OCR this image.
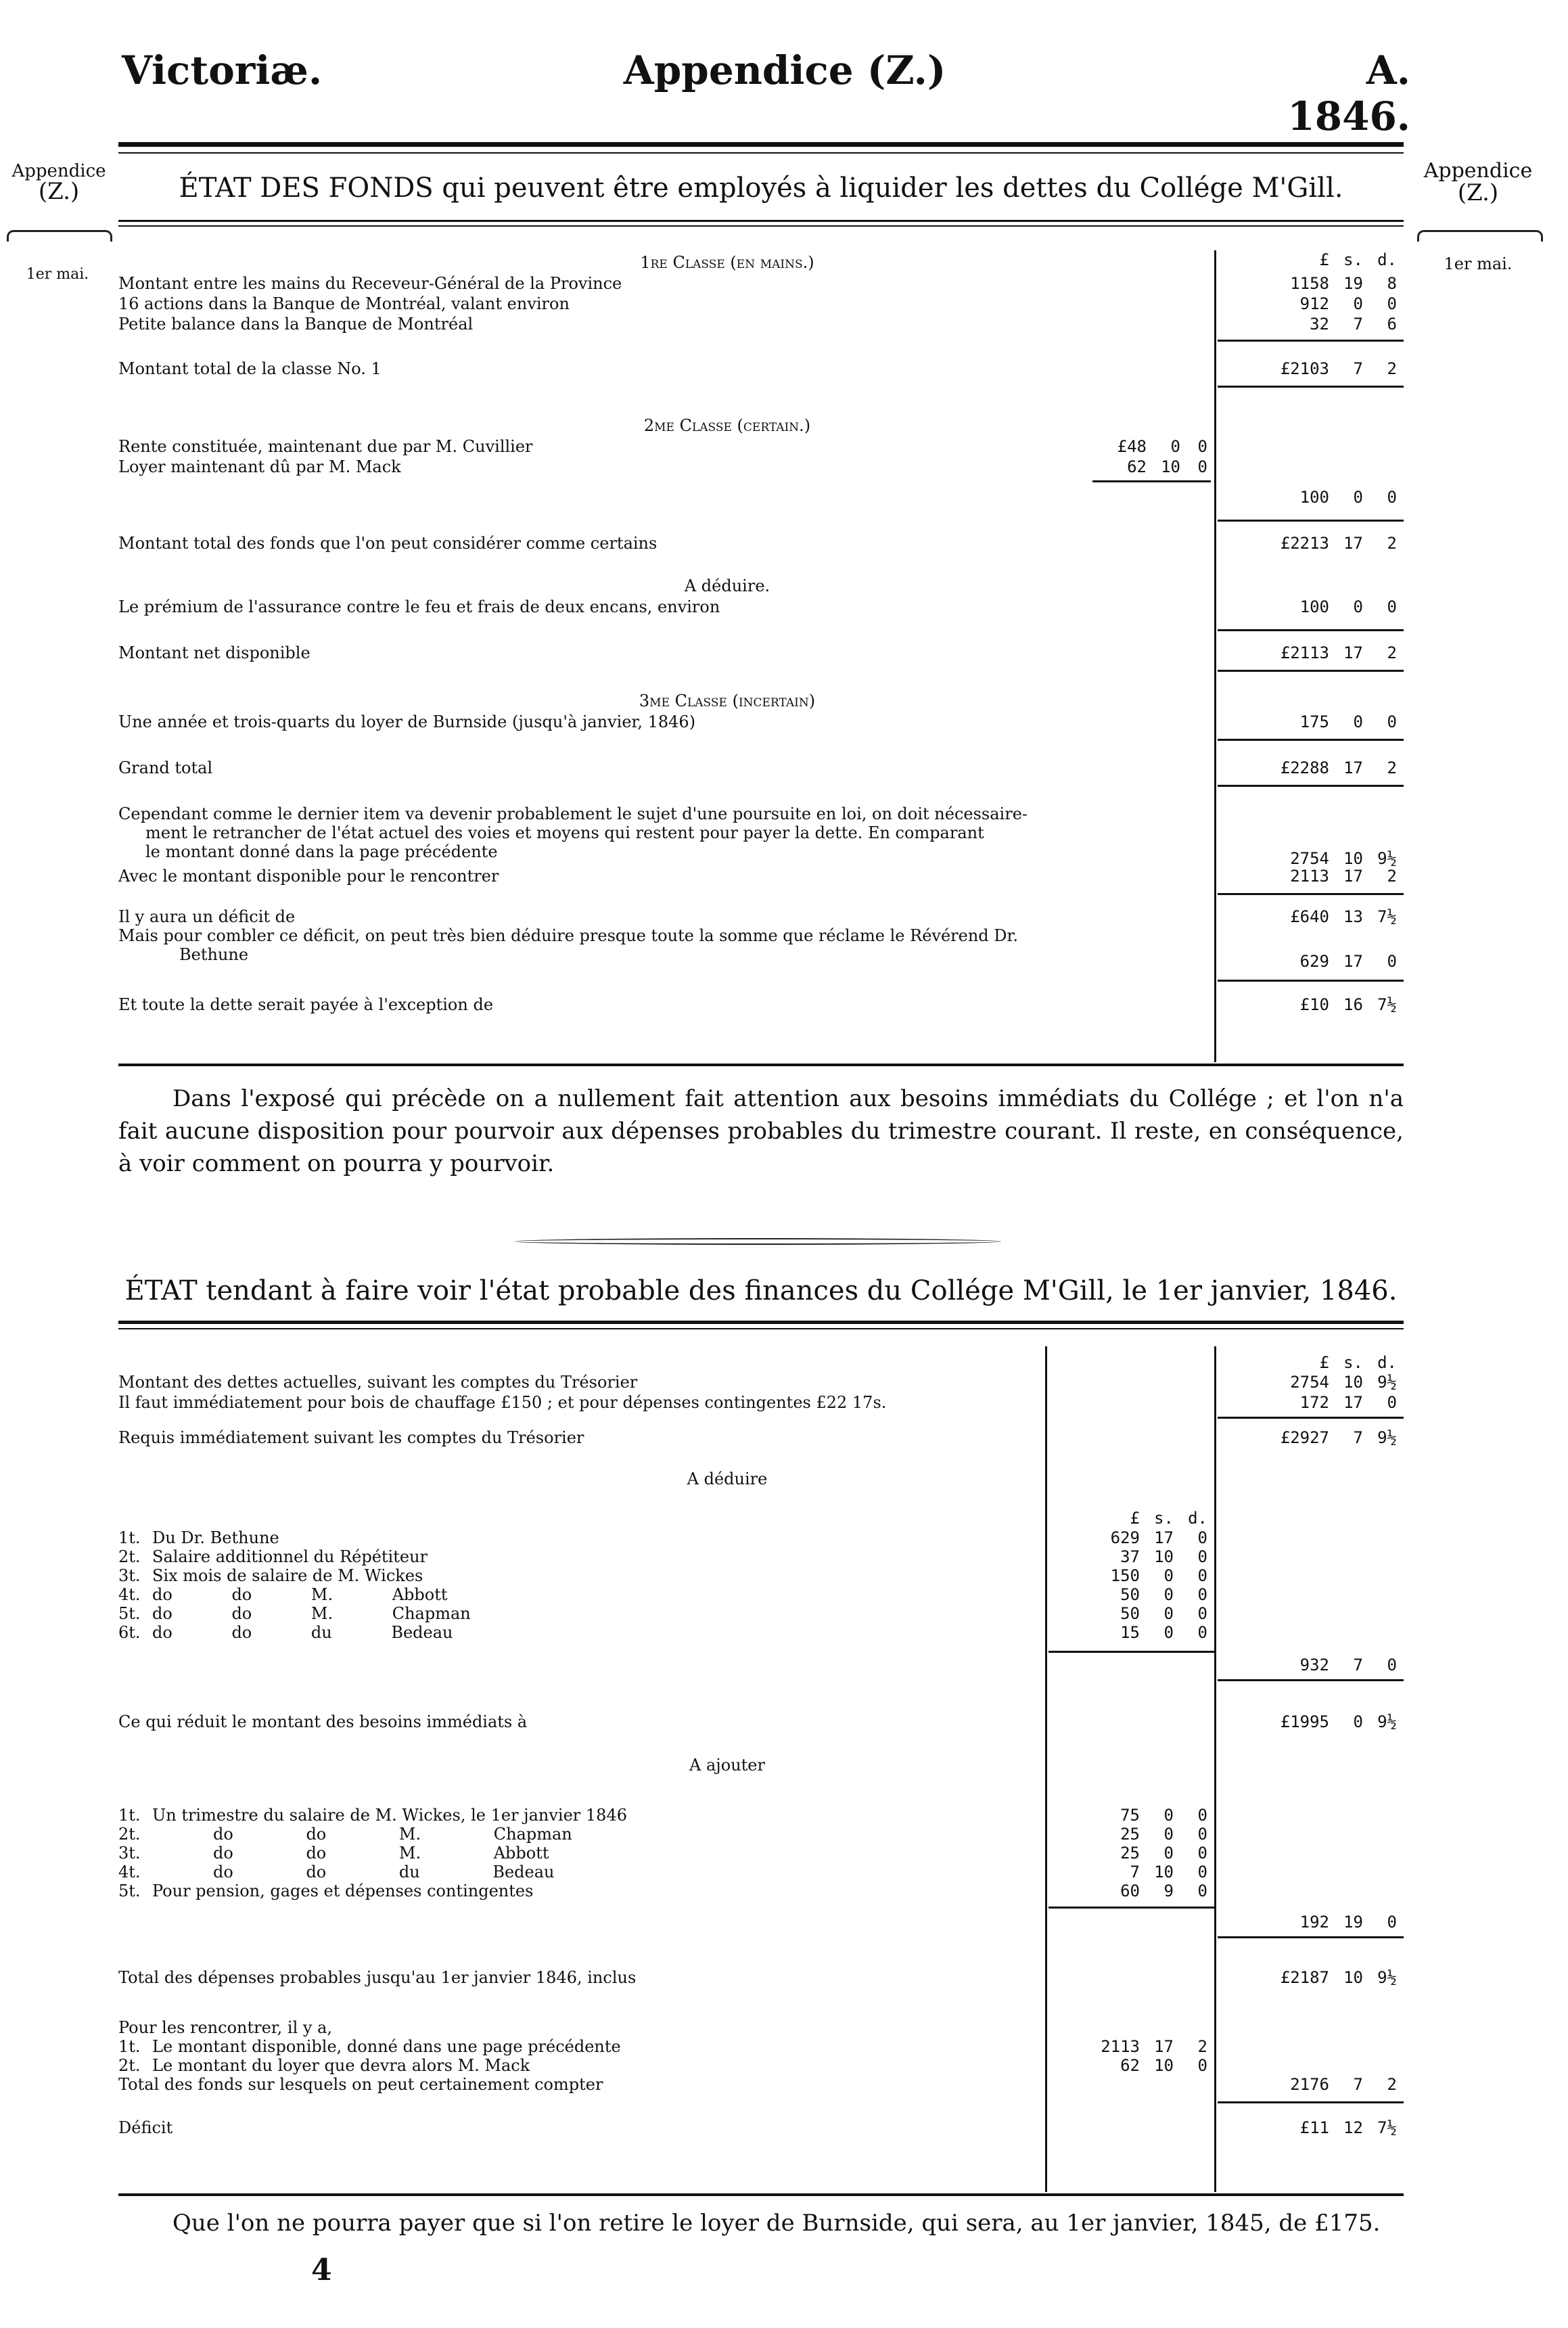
Victoriæ.	Appendice (Z.)	A. 1846.
Appendice
(Z.)
1er mai.
Appendice
(Z.)
1er mai.
ÉTAT DES FONDS qui peuvent être employés à liquider les dettes du Collége M'Gill.
£ s. d.
1re Classe (en mains.)
Montant entre les mains du Receveur-Général de la Province	1158 19	8
16 actions dans la Banque de Montréal, valant environ	912	0	0
Petite balance dans la Banque de Montréal	32	7	6
Montant total de la classe No. 1	£2103	7	2
2me Classe (certain.)
Rente constituée, maintenant due par M. Cuvillier	£48	0	0
Loyer maintenant dû par M. Mack	62 10	0
100	0	0
Montant total des fonds que l'on peut considérer comme certains	£2213 17	2
A déduire.
Le prémium de l'assurance contre le feu et frais de deux encans, environ	100	0	0
Montant net disponible	£2113 17	2
3me Classe (incertain)
Une année et trois-quarts du loyer de Burnside (jusqu'à janvier, 1846)	175	0	0
Grand total	£2288 17	2
Cependant comme le dernier item va devenir probablement le sujet d'une poursuite en loi, on doit nécessaire-
ment le retrancher de l'état actuel des voies et moyens qui restent pour payer la dette. En comparant
le montant donné dans la page précédente	2754 10 9½
Avec le montant disponible pour le rencontrer	2113 17	2
Il y aura un déficit de	£640 13 7½
Mais pour combler ce déficit, on peut très bien déduire presque toute la somme que réclame le Révérend Dr.
Bethune	629 17	0
Et toute la dette serait payée à l'exception de	£10 16 7½
Dans l'exposé qui précède on a nullement fait attention aux besoins immédiats du Collége ; et l'on n'a fait aucune disposition pour pourvoir aux dépenses probables du trimestre courant. Il reste, en conséquence, à voir comment on pourra y pourvoir.
ÉTAT tendant à faire voir l'état probable des finances du Collége M'Gill, le 1er janvier, 1846.
£ s. d.
Montant des dettes actuelles, suivant les comptes du Trésorier	2754 10 9½
Il faut immédiatement pour bois de chauffage £150 ; et pour dépenses contingentes £22 17s.	172 17	0
Requis immédiatement suivant les comptes du Trésorier	£2927	7 9½
A déduire
£ s. d.
1t. Du Dr. Bethune	629 17	0
2t. Salaire additionnel du Répétiteur	37 10	0
3t. Six mois de salaire de M. Wickes	150	0	0
4t. do do M. Abbott	50	0	0
5t. do do M. Chapman	50	0	0
6t. do do du Bedeau	15	0	0
932	7	0
Ce qui réduit le montant des besoins immédiats à	£1995	0 9½
A ajouter
1t. Un trimestre du salaire de M. Wickes, le 1er janvier 1846	75	0	0
2t.	do do M. Chapman	25	0	0
3t.	do do M. Abbott	25	0	0
4t.	do do du Bedeau	7 10	0
5t. Pour pension, gages et dépenses contingentes	60	9	0
192 19	0
Total des dépenses probables jusqu'au 1er janvier 1846, inclus	£2187 10 9½
Pour les rencontrer, il y a,
1t. Le montant disponible, donné dans une page précédente	2113 17	2
2t. Le montant du loyer que devra alors M. Mack	62 10	0
Total des fonds sur lesquels on peut certainement compter	2176	7	2
Déficit	£11 12 7½
Que l'on ne pourra payer que si l'on retire le loyer de Burnside, qui sera, au 1er janvier, 1845, de £175.
4
